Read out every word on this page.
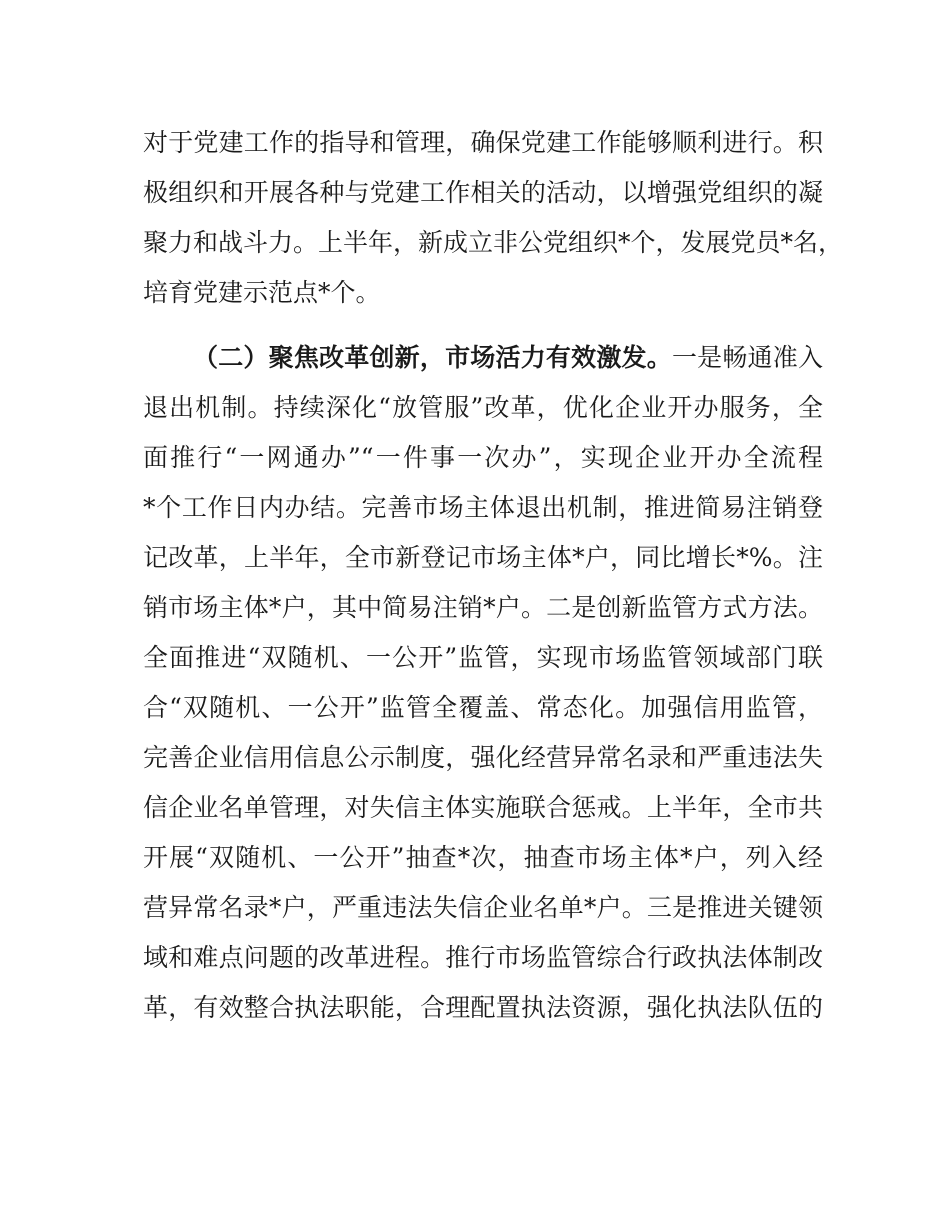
对于党建工作的指导和管理，确保党建工作能够顺利进行。积
极组织和开展各种与党建工作相关的活动，以增强党组织的凝
聚力和战斗力。上半年，新成立非公党组织*个，发展党员*名，
培育党建示范点*个。
（二）聚焦改革创新，市场活力有效激发。一是畅通准入
退出机制。持续深化“放管服”改革，优化企业开办服务，全
面推行“一网通办”“一件事一次办”，实现企业开办全流程
*个工作日内办结。完善市场主体退出机制，推进简易注销登
记改革，上半年，全市新登记市场主体*户，同比增长*%。注
销市场主体*户，其中简易注销*户。二是创新监管方式方法。
全面推进“双随机、一公开”监管，实现市场监管领域部门联
合“双随机、一公开”监管全覆盖、常态化。加强信用监管，
完善企业信用信息公示制度，强化经营异常名录和严重违法失
信企业名单管理，对失信主体实施联合惩戒。上半年，全市共
开展“双随机、一公开”抽查*次，抽查市场主体*户，列入经
营异常名录*户，严重违法失信企业名单*户。三是推进关键领
域和难点问题的改革进程。推行市场监管综合行政执法体制改
革，有效整合执法职能，合理配置执法资源，强化执法队伍的
